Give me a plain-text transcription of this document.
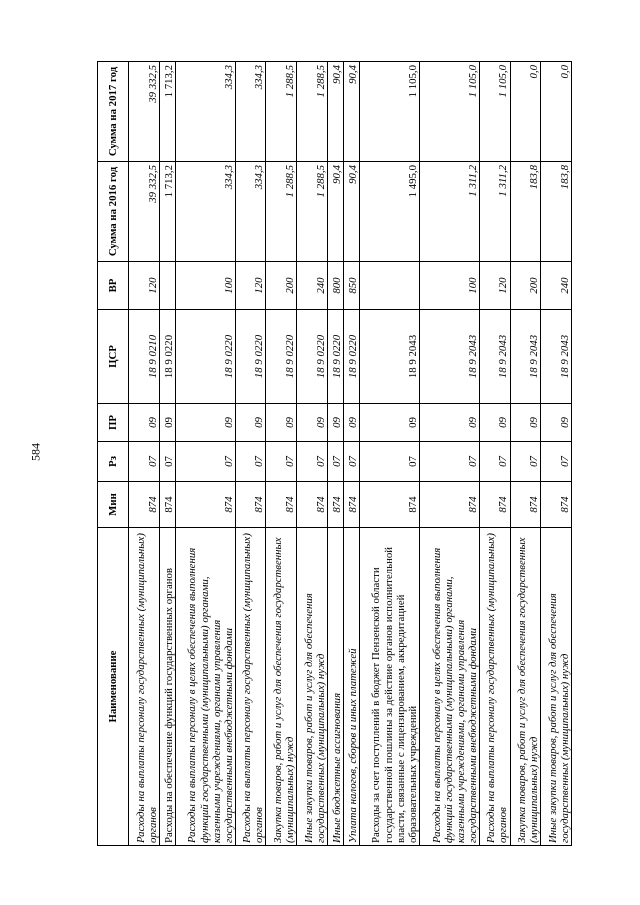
584
Наименование	Мин	Рз	ПР	ЦСР	ВР	Сумма на 2016 год	Сумма на 2017 год
Расходы на выплаты персоналу государственных (муниципальных) органов	874	07	09	18 9 0210	120	39 332,5	39 332,5
Расходы на обеспечение функций государственных органов	874	07	09	18 9 0220		1 713,2	1 713,2
Расходы на выплаты персоналу в целях обеспечения выполнения функций государственными (муниципальными) органами, казенными учреждениями, органами управления государственными внебюджетными фондами	874	07	09	18 9 0220	100	334,3	334,3
Расходы на выплаты персоналу государственных (муниципальных) органов	874	07	09	18 9 0220	120	334,3	334,3
Закупка товаров, работ и услуг для обеспечения государственных (муниципальных) нужд	874	07	09	18 9 0220	200	1 288,5	1 288,5
Иные закупки товаров, работ и услуг для обеспечения государственных (муниципальных) нужд	874	07	09	18 9 0220	240	1 288,5	1 288,5
Иные бюджетные ассигнования	874	07	09	18 9 0220	800	90,4	90,4
Уплата налогов, сборов и иных платежей	874	07	09	18 9 0220	850	90,4	90,4
Расходы за счет поступлений в бюджет Пензенской области государственной пошлины за действие органов исполнительной власти, связанные с лицензированием, аккредитацией образовательных учреждений	874	07	09	18 9 2043		1 495,0	1 105,0
Расходы на выплаты персоналу в целях обеспечения выполнения функций государственными (муниципальными) органами, казенными учреждениями, органами управления государственными внебюджетными фондами	874	07	09	18 9 2043	100	1 311,2	1 105,0
Расходы на выплаты персоналу государственных (муниципальных) органов	874	07	09	18 9 2043	120	1 311,2	1 105,0
Закупка товаров, работ и услуг для обеспечения государственных (муниципальных) нужд	874	07	09	18 9 2043	200	183,8	0,0
Иные закупки товаров, работ и услуг для обеспечения государственных (муниципальных) нужд	874	07	09	18 9 2043	240	183,8	0,0
